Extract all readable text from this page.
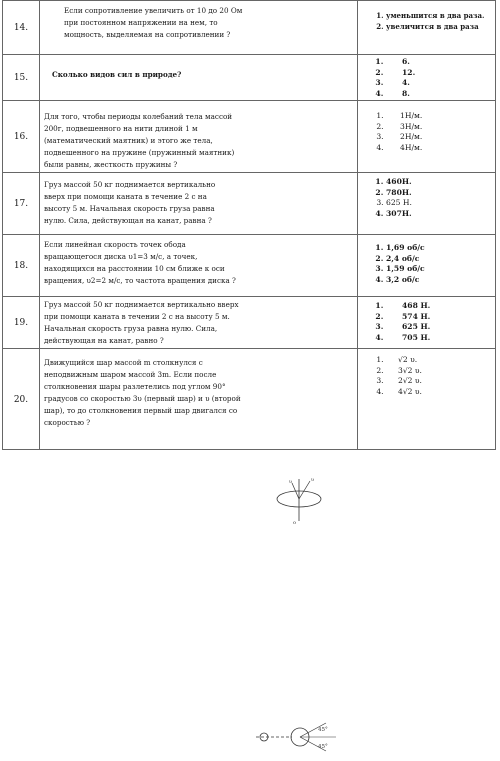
14.
Если сопротивление увеличить от 10 до 20 Ом при постоянном напряжении на нем, то мощность, выделяемая на сопротивлении ?
1. уменьшится в два раза.
2. увеличится в два раза
15.	Сколько видов сил в природе?
1. 6.
2. 12.
3. 4.
4. 8.
16.
Для того, чтобы периоды колебаний тела массой 200г, подвешенного на нити длиной 1 м (математический маятник) и этого же тела, подвешенного на пружине (пружинный маятник) были равны, жесткость пружины ?
1. 1Н/м.
2. 3Н/м.
3. 2Н/м.
4. 4Н/м.
17.
Груз массой 50 кг поднимается вертикально вверх при помощи каната в течение 2 с на высоту 5 м. Начальная скорость груза равна нулю. Сила, действующая на канат, равна ?
1. 460Н.
2. 780Н.
3. 625 Н.
4. 307Н.
18.
Если линейная скорость точек обода вращающегося диска υ1=3 м/с, а точек, находящихся на расстоянии 10 см ближе к оси вращения, υ2=2 м/с, то частота вращения диска ?
υ	υ
o
1. 1,69 об/с
2. 2,4 об/с
3. 1,59 об/с
4. 3,2 об/с
19.
Груз массой 50 кг поднимается вертикально вверх при помощи каната в течении 2 с на высоту 5 м. Начальная скорость груза равна нулю. Сила, действующая на канат, равно ?
1. 468 Н.
2. 574 Н.
3. 625 Н.
4. 705 Н.
20.
Движущийся шар массой m столкнулся с неподвижным шаром массой 3m. Если после столкновения шары разлетелись под углом 90° градусов со скоростью 3υ (первый шар) и υ (второй шар), то до столкновения первый шар двигался со скоростью ?
45°
45°
1. √2 υ.
2. 3√2 υ.
3. 2√2 υ.
4. 4√2 υ.
